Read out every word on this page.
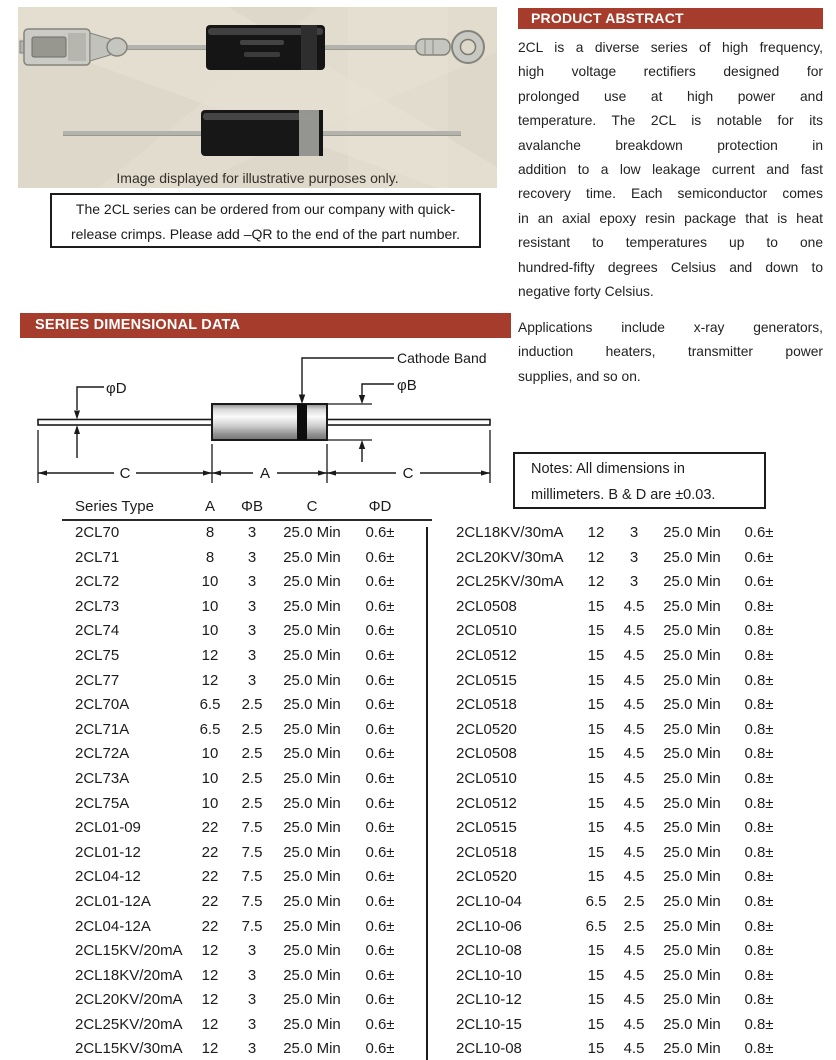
Image displayed for illustrative purposes only.
The 2CL series can be ordered from our company with quick-
release crimps. Please add –QR to the end of the part number.
PRODUCT ABSTRACT
2CL is a diverse series of high frequency,
high voltage rectifiers designed for
prolonged use at high power and
temperature. The 2CL is notable for its
avalanche breakdown protection in
addition to a low leakage current and fast
recovery time. Each semiconductor comes
in an axial epoxy resin package that is heat
resistant to temperatures up to one
hundred-fifty degrees Celsius and down to
negative forty Celsius.
Applications include x-ray generators,
induction heaters, transmitter power
supplies, and so on.
SERIES DIMENSIONAL DATA
Cathode Band
φD	φB
C	A	C	Notes: All dimensions in
millimeters. B & D are ±0.03.
Series Type	A	ΦB	C	ΦD
2CL70	8	3	25.0 Min	0.6±
2CL71	8	3	25.0 Min	0.6±
2CL72	10	3	25.0 Min	0.6±
2CL73	10	3	25.0 Min	0.6±
2CL74	10	3	25.0 Min	0.6±
2CL75	12	3	25.0 Min	0.6±
2CL77	12	3	25.0 Min	0.6±
2CL70A	6.5	2.5	25.0 Min	0.6±
2CL71A	6.5	2.5	25.0 Min	0.6±
2CL72A	10	2.5	25.0 Min	0.6±
2CL73A	10	2.5	25.0 Min	0.6±
2CL75A	10	2.5	25.0 Min	0.6±
2CL01-09	22	7.5	25.0 Min	0.6±
2CL01-12	22	7.5	25.0 Min	0.6±
2CL04-12	22	7.5	25.0 Min	0.6±
2CL01-12A	22	7.5	25.0 Min	0.6±
2CL04-12A	22	7.5	25.0 Min	0.6±
2CL15KV/20mA	12	3	25.0 Min	0.6±
2CL18KV/20mA	12	3	25.0 Min	0.6±
2CL20KV/20mA	12	3	25.0 Min	0.6±
2CL25KV/20mA	12	3	25.0 Min	0.6±
2CL15KV/30mA	12	3	25.0 Min	0.6±
2CL18KV/30mA	12	3	25.0 Min	0.6±
2CL20KV/30mA	12	3	25.0 Min	0.6±
2CL25KV/30mA	12	3	25.0 Min	0.6±
2CL0508	15	4.5	25.0 Min	0.8±
2CL0510	15	4.5	25.0 Min	0.8±
2CL0512	15	4.5	25.0 Min	0.8±
2CL0515	15	4.5	25.0 Min	0.8±
2CL0518	15	4.5	25.0 Min	0.8±
2CL0520	15	4.5	25.0 Min	0.8±
2CL0508	15	4.5	25.0 Min	0.8±
2CL0510	15	4.5	25.0 Min	0.8±
2CL0512	15	4.5	25.0 Min	0.8±
2CL0515	15	4.5	25.0 Min	0.8±
2CL0518	15	4.5	25.0 Min	0.8±
2CL0520	15	4.5	25.0 Min	0.8±
2CL10-04	6.5	2.5	25.0 Min	0.8±
2CL10-06	6.5	2.5	25.0 Min	0.8±
2CL10-08	15	4.5	25.0 Min	0.8±
2CL10-10	15	4.5	25.0 Min	0.8±
2CL10-12	15	4.5	25.0 Min	0.8±
2CL10-15	15	4.5	25.0 Min	0.8±
2CL10-08	15	4.5	25.0 Min	0.8±
